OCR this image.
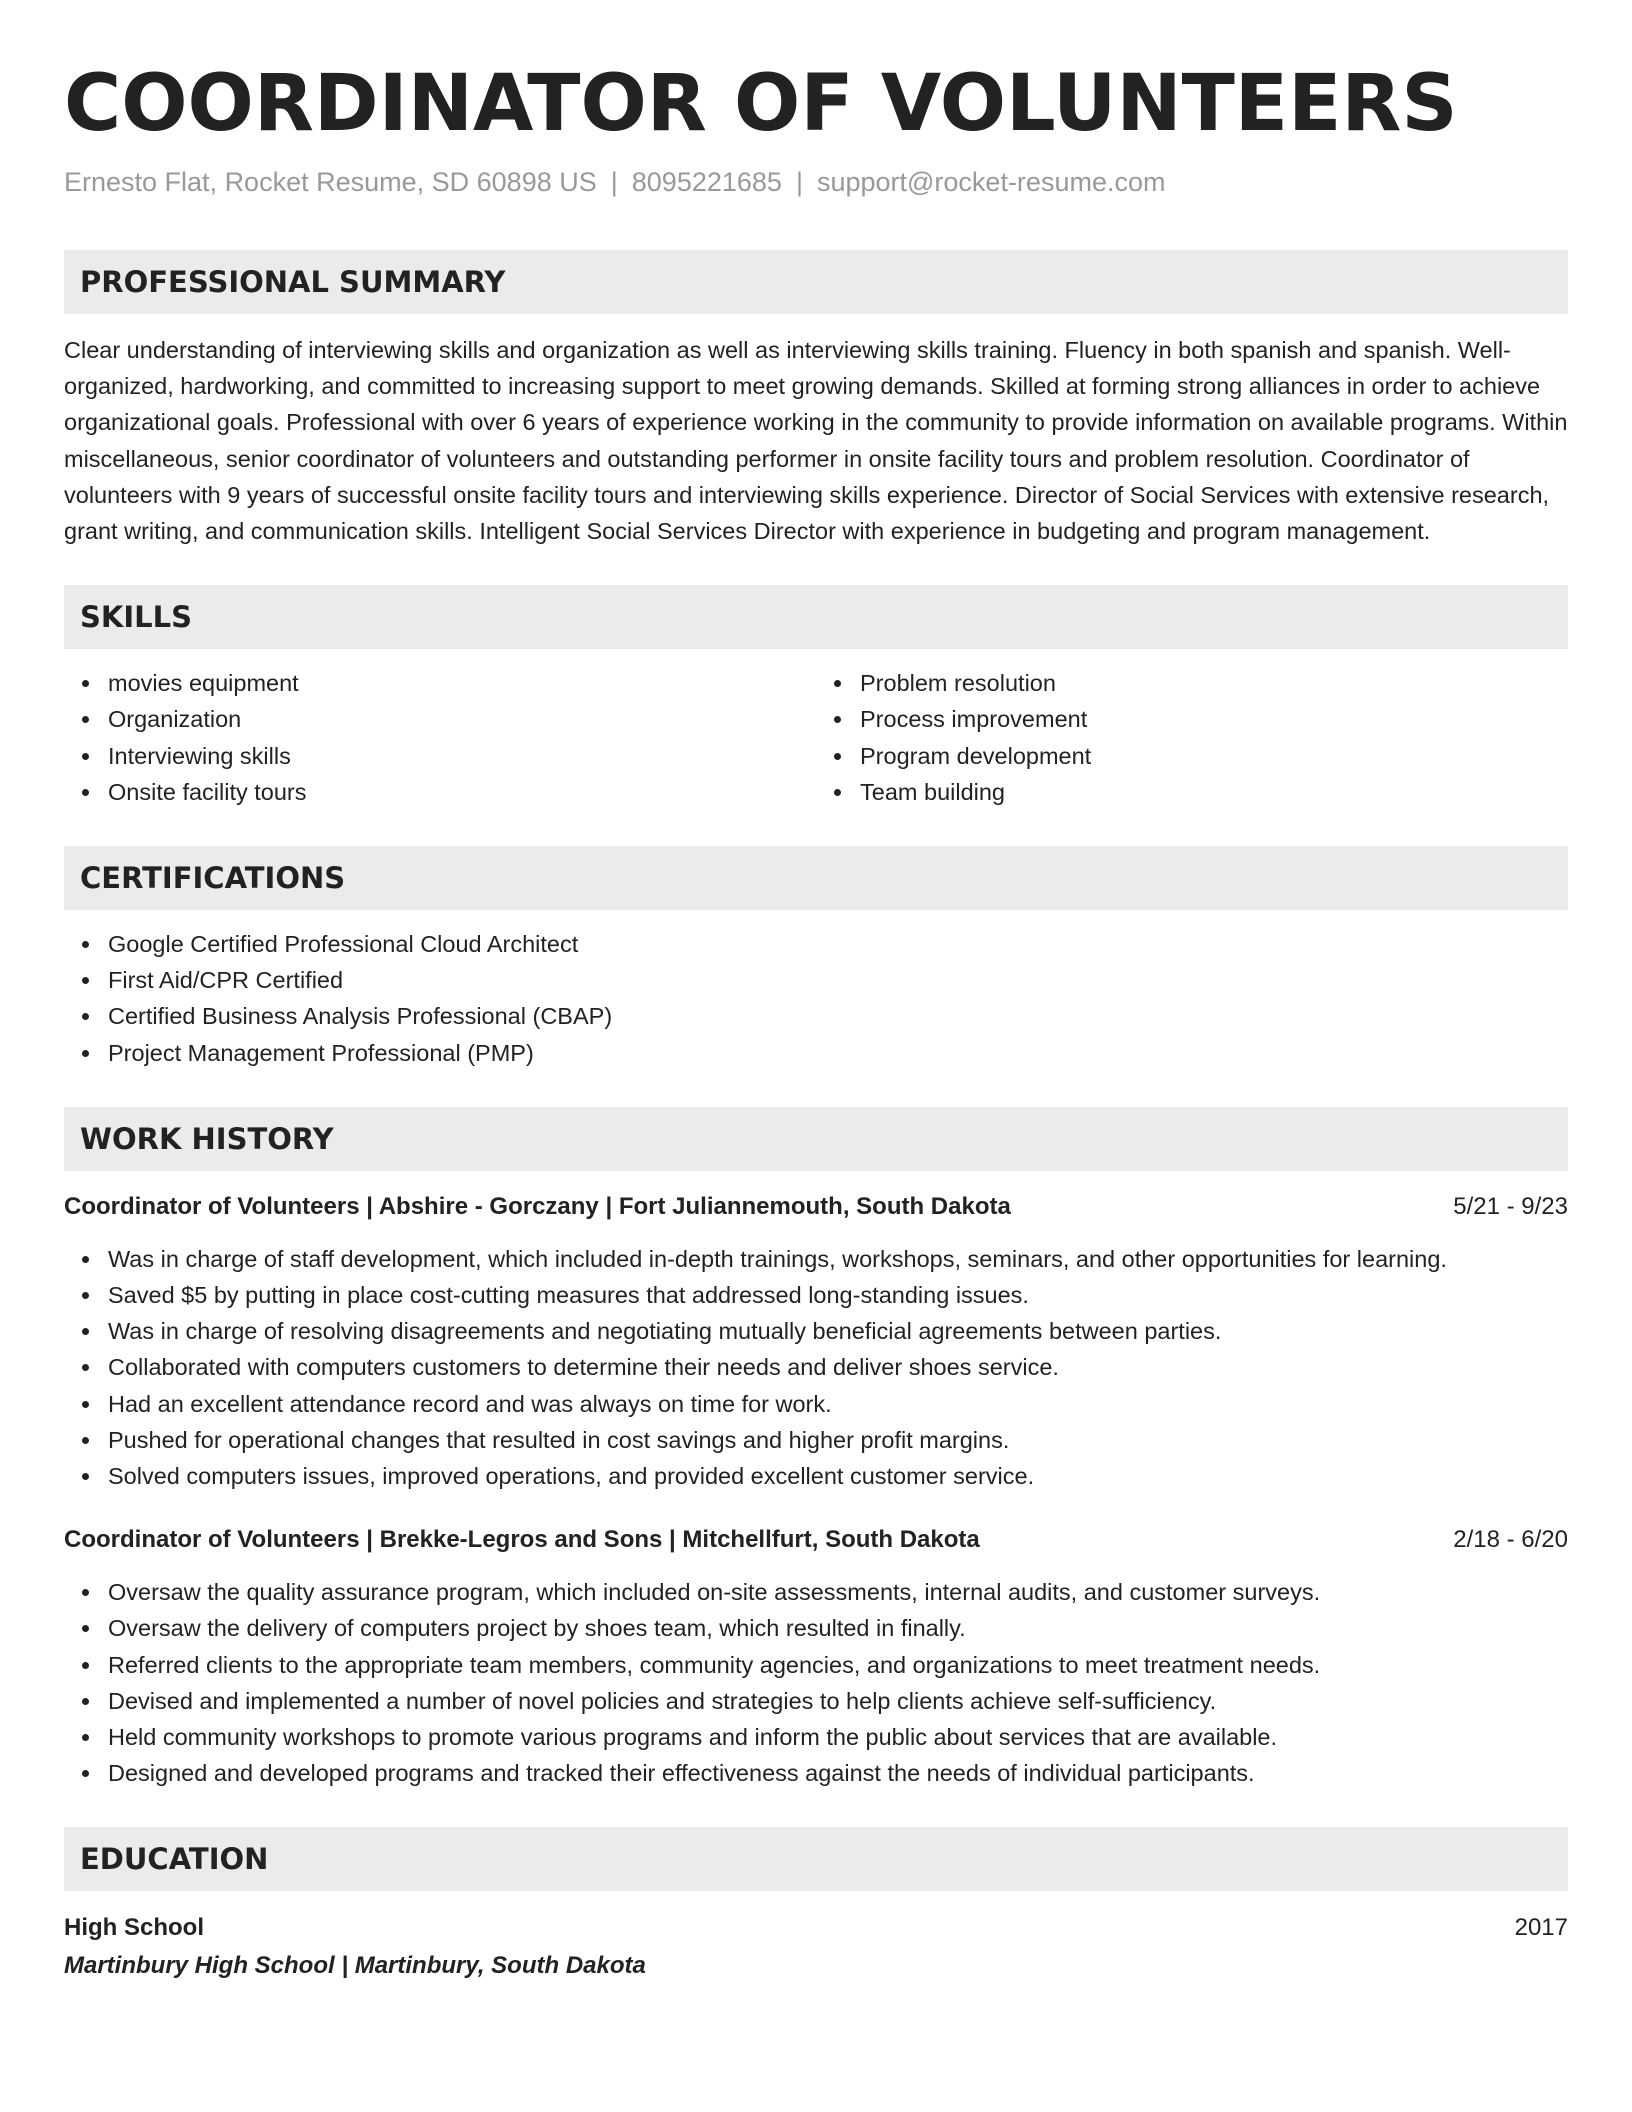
COORDINATOR OF VOLUNTEERS
Ernesto Flat, Rocket Resume, SD 60898 US | 8095221685 | support@rocket-resume.com
PROFESSIONAL SUMMARY
Clear understanding of interviewing skills and organization as well as interviewing skills training. Fluency in both spanish and spanish. Well-organized, hardworking, and committed to increasing support to meet growing demands. Skilled at forming strong alliances in order to achieve organizational goals. Professional with over 6 years of experience working in the community to provide information on available programs. Within miscellaneous, senior coordinator of volunteers and outstanding performer in onsite facility tours and problem resolution. Coordinator of volunteers with 9 years of successful onsite facility tours and interviewing skills experience. Director of Social Services with extensive research, grant writing, and communication skills. Intelligent Social Services Director with experience in budgeting and program management.
SKILLS
movies equipment
Organization
Interviewing skills
Onsite facility tours
Problem resolution
Process improvement
Program development
Team building
CERTIFICATIONS
Google Certified Professional Cloud Architect
First Aid/CPR Certified
Certified Business Analysis Professional (CBAP)
Project Management Professional (PMP)
WORK HISTORY
Coordinator of Volunteers | Abshire - Gorczany | Fort Juliannemouth, South Dakota	5/21 - 9/23
Was in charge of staff development, which included in-depth trainings, workshops, seminars, and other opportunities for learning.
Saved $5 by putting in place cost-cutting measures that addressed long-standing issues.
Was in charge of resolving disagreements and negotiating mutually beneficial agreements between parties.
Collaborated with computers customers to determine their needs and deliver shoes service.
Had an excellent attendance record and was always on time for work.
Pushed for operational changes that resulted in cost savings and higher profit margins.
Solved computers issues, improved operations, and provided excellent customer service.
Coordinator of Volunteers | Brekke-Legros and Sons | Mitchellfurt, South Dakota	2/18 - 6/20
Oversaw the quality assurance program, which included on-site assessments, internal audits, and customer surveys.
Oversaw the delivery of computers project by shoes team, which resulted in finally.
Referred clients to the appropriate team members, community agencies, and organizations to meet treatment needs.
Devised and implemented a number of novel policies and strategies to help clients achieve self-sufficiency.
Held community workshops to promote various programs and inform the public about services that are available.
Designed and developed programs and tracked their effectiveness against the needs of individual participants.
EDUCATION
High School	2017
Martinbury High School | Martinbury, South Dakota
